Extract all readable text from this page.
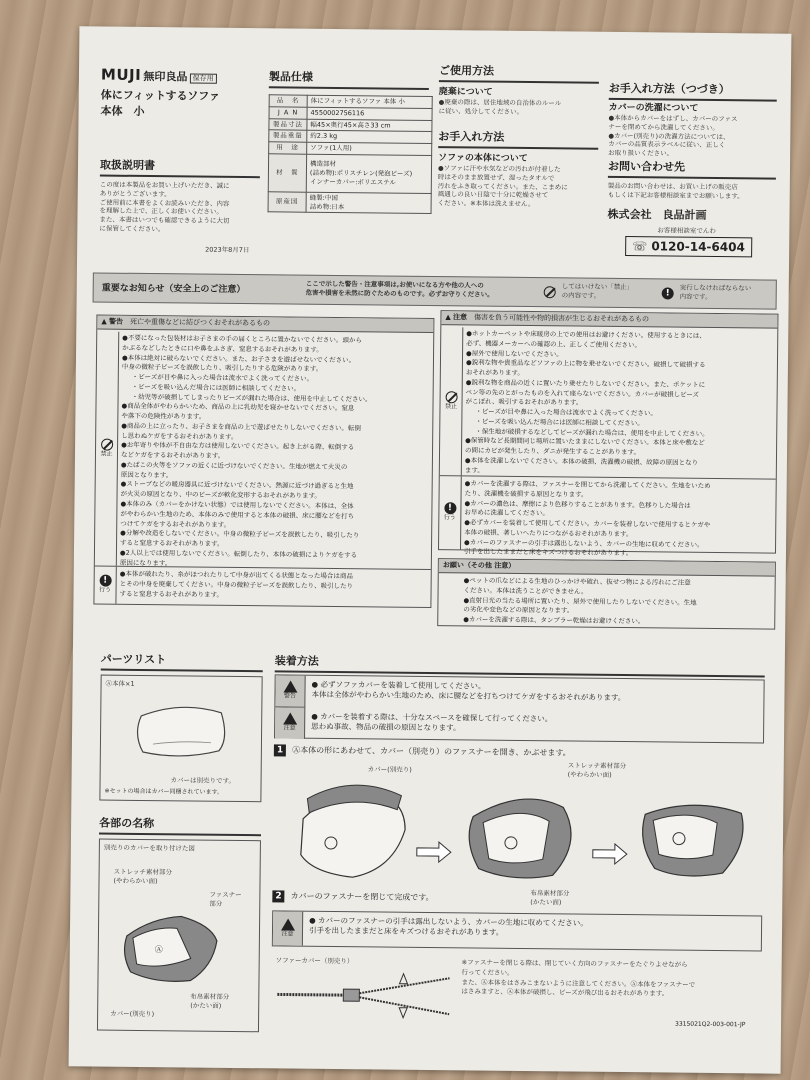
MUJI 無印良品 保存用
体にフィットするソファ
本体　小
取扱説明書
この度は本製品をお買い上げいただき、誠に
ありがとうございます。
ご使用前に本書をよくお読みいただき、内容
を理解した上で、正しくお使いください。
また、本書はいつでも確認できるように大切
に保管してください。
2023年8月7日
製品仕様
品　名	体にフィットするソファ 本体 小
J A N	4550002756116
製品寸法	幅45×奥行45×高さ33 cm
製品重量	約2.3 kg
用　途	ソファ(1人用)
材　質	構造部材
(詰め物):ポリスチレン(発泡ビーズ)
インナーカバー:ポリエステル

原産国	縫製:中国
詰め物:日本
ご使用方法
廃棄について
●廃棄の際は、居住地域の自治体のルール
に従い、処分してください。
お手入れ方法
ソファの本体について
●ソファに汗や水気などの汚れが付着した
時はそのまま放置せず、湿ったタオルで
汚れをふき取ってください。また、こまめに
風通しの良い日陰で十分に乾燥させて
ください。※本体は洗えません。
お手入れ方法（つづき）
カバーの洗濯について
●本体からカバーをはずし、カバーのファス
ナーを閉めてから洗濯してください。
●カバー(別売り)の洗濯方法については、
カバーの品質表示ラベルに従い、正しく
お取り扱いください。
お問い合わせ先
製品のお問い合わせは、お買い上げの販売店
もしくは下記お客様相談室までお願いします。
株式会社　良品計画
お客様相談室でんわ
☏ 0120-14-6404
重要なお知らせ（安全上のご注意）	ここで示した警告・注意事項は,お使いになる方や他の人への
危害や損害を未然に防ぐためのものです。必ずお守りください。
してはいけない「禁止」
の内容です。	!
実行しなければならない
内容です。
▲ 警告　 死亡や重傷などに結びつくおそれがあるもの
禁止
●不要になった包装材はお子さまの手の届くところに置かないでください。頭から
かぶるなどしたときに口や鼻をふさぎ、窒息するおそれがあります。
●本体は絶対に破らないでください。また、お子さまを遊ばせないでください。
中身の微粒子ビーズを誤飲したり、吸引したりする危険があります。
・ビーズが目や鼻に入った場合は流水でよく洗ってください。
・ビーズを吸い込んだ場合には医師に相談してください。
・幼児等が破損してしまったりビーズが漏れた場合は、使用を中止してください。
●商品全体がやわらかいため、商品の上に乳幼児を寝かせないでください。窒息
や落下の危険性があります。
●商品の上に立ったり、お子さまを商品の上で遊ばせたりしないでください。転倒
し思わぬケガをするおそれがあります。
●お年寄りや体が不自由な方は使用しないでください。起き上がる際、転倒する
などケガをするおそれがあります。
●たばこの火等をソファの近くに近づけないでください。生地が燃えて火災の
原因となります。
●ストーブなどの暖房器具に近づけないでください。熱源に近づけ過ぎると生地
が火災の原因となり、中のビーズが軟化変形するおそれがあります。
●本体のみ（カバーをかけない状態）では使用しないでください。本体は、全体
がやわらかい生地のため、本体のみで使用すると本体の破損、床に腰などを打ち
つけてケガをするおそれがあります。
●分解や改造をしないでください。中身の微粒子ビーズを誤飲したり、吸引したり
すると窒息するおそれがあります。
●2人以上では使用しないでください。転倒したり、本体の破損によりケガをする
原因になります。
!
行う
●本体が破れたり、糸がほつれたりして中身が出てくる状態となった場合は商品
とその中身を廃棄してください。中身の微粒子ビーズを誤飲したり、吸引したり
すると窒息するおそれがあります。
▲ 注意　 傷害を負う可能性や物的損害が生じるおそれがあるもの
禁止
●ホットカーペットや床暖房の上での使用はお避けください。使用するときには、
必ず、機器メーカーへの確認の上、正しくご使用ください。
●屋外で使用しないでください。
●鋭利な物や貴重品などソファの上に物を乗せないでください。破損して破損する
おそれがあります。
●鋭利な物を商品の近くに置いたり乗せたりしないでください。また、ポケットに
ペン等の先のとがったものを入れて座らないでください。カバーが破損しビーズ
がこぼれ、吸引するおそれがあります。
・ビーズが目や鼻に入った場合は流水でよく洗ってください。
・ビーズを吸い込んだ場合には医師に相談してください。
・保生地が破損するなどしてビーズが漏れた場合は、使用を中止してください。
●保管時など長期間同じ場所に置いたままにしないでください。本体と床や敷など
の間にカビが発生したり、ダニが発生することがあります。
●本体を洗濯しないでください。本体の破損、洗濯機の破損、故障の原因となり
ます。
!
行う
●カバーを洗濯する際は、ファスナーを閉じてから洗濯してください。生地をいため
たり、洗濯機を破損する原因となります。
●カバーの濃色は、摩擦により色移りすることがあります。色移りした場合は
お早めに洗濯してください。
●必ずカバーを装着して使用してください。カバーを装着しないで使用するとケガや
本体の破損、著しいへたりにつながるおそれがあります。
●カバーのファスナーの引手は露出しないよう、カバーの生地に収めてください。
引手を出したままだと床をキズつけるおそれがあります。
お願い（その他 注意）
●ペットの爪などによる生地のひっかけや破れ、抜せつ物による汚れにご注意
ください。本体は洗うことができません。
●直射日光の当たる場所に置いたり、屋外で使用したりしないでください。生地
の劣化や変色などの原因となります。
●カバーを洗濯する際は、タンブラー乾燥はお避けください。
パーツリスト
Ⓐ本体×1
カバーは別売りです。
※セットの場合はカバー同梱されています。
各部の名称
別売りのカバーを取り付けた図
ストレッチ素材部分
(やわらかい面)
ファスナー
部分
Ⓐ
布帛素材部分
(かたい面)
カバー(別売り)
装着方法
警告
● 必ずソファカバーを装着して使用してください。
本体は全体がやわらかい生地のため、床に腰などを打ちつけてケガをするおそれがあります。
注意
● カバーを装着する際は、十分なスペースを確保して行ってください。
思わぬ事故、物品の破損の原因となります。
1	Ⓐ本体の形にあわせて、カバー（別売り）のファスナーを開き、かぶせます。
カバー(別売り)	ストレッチ素材部分
(やわらかい面)
布帛素材部分
(かたい面)
2	カバーのファスナーを閉じて完成です。
注意
● カバーのファスナーの引手は露出しないよう、カバーの生地に収めてください。
引手を出したままだと床をキズつけるおそれがあります。
ソファーカバー（別売り）	※ファスナーを閉じる際は、閉じていく方向のファスナーをたぐりよせながら
行ってください。
また、Ⓐ本体をはさみこまないように注意してください。Ⓐ本体をファスナーで
はさみますと、Ⓐ本体が破損し、ビーズが飛び出るおそれがあります。
3315021Q2-003-001-JP
